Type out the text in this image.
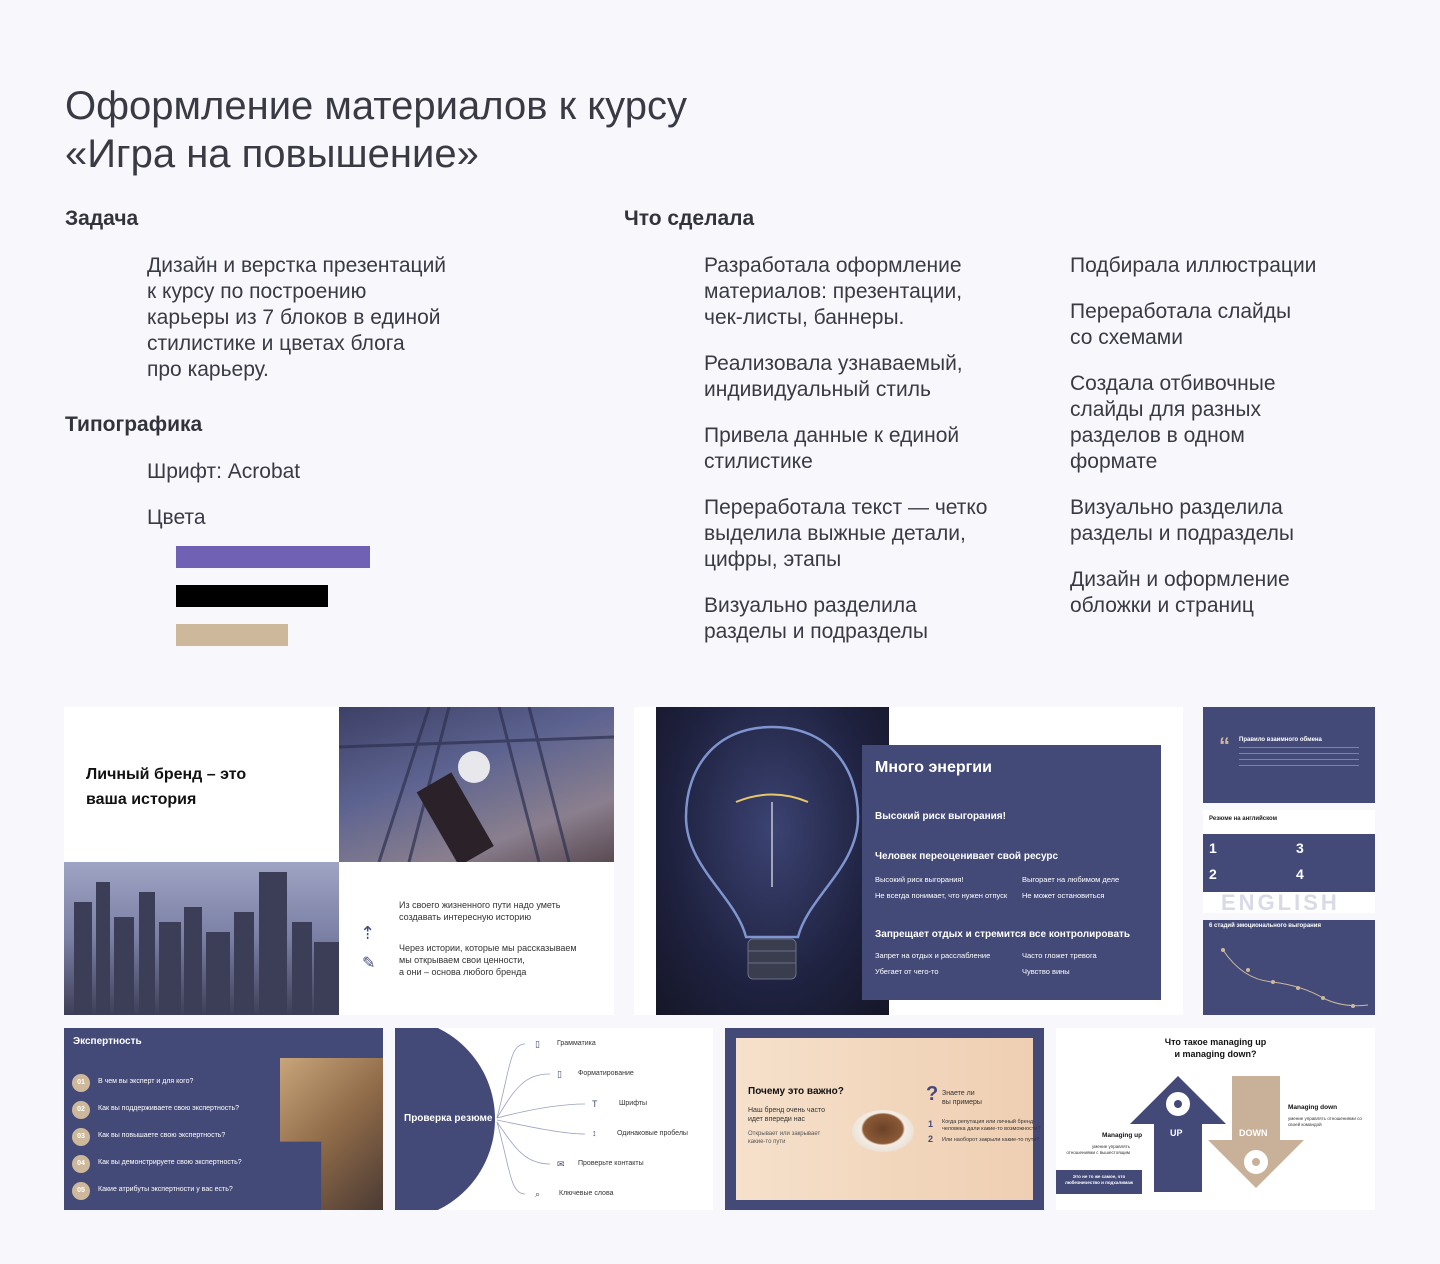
Оформление материалов к курсу
«Игра на повышение»
Задача
Дизайн и верстка презентаций
к курсу по построению
карьеры из 7 блоков в единой
стилистике и цветах блога
про карьеру.
Типографика
Шрифт: Acrobat
Цвета
Что сделала
Разработала оформление
материалов: презентации,
чек-листы, баннеры.
Реализовала узнаваемый,
индивидуальный стиль
Привела данные к единой
стилистике
Переработала текст — четко
выделила выжные детали,
цифры, этапы
Визуально разделила
разделы и подразделы
Подбирала иллюстрации
Переработала слайды
со схемами
Создала отбивочные
слайды для разных
разделов в одном
формате
Визуально разделила
разделы и подразделы
Дизайн и оформление
обложки и страниц
Личный бренд – это
ваша история
⇡
Из своего жизненного пути надо уметь
создавать интересную историю
✎
Через истории, которые мы рассказываем
мы открываем свои ценности,
а они – основа любого бренда
Много энергии
Высокий риск выгорания!
Человек переоценивает свой ресурс
Высокий риск выгорания!	Выгорает на любимом деле
Не всегда понимает, что нужен отпуск Не может остановиться
Запрещает отдых и стремится все контролировать
Запрет на отдых и расслабление	Часто гложет тревога
Убегает от чего-то	Чувство вины
“ Правило взаимного обмена
Резюме на английском
1
2
3
4
ENGLISH
6 стадий эмоционального выгорания
Экспертность
01	В чем вы эксперт и для кого?
02	Как вы поддерживаете свою экспертность?
03	Как вы повышаете свою экспертность?
04	Как вы демонстрируете свою экспертность?
05	Какие атрибуты экспертности у вас есть?
Проверка резюме
▯ Грамматика
▯ Форматирование
T	Шрифты
↕	Одинаковые пробелы
✉ Проверьте контакты
⌕	Ключевые слова
Почему это важно?
Наш бренд очень часто
идет впереди нас
Открывает или закрывает
какие-то пути
? Знаете ли
вы примеры
1 Когда репутация или личный бренд
человека дали какие-то возможности?
2 Или наоборот закрыли какие-то пути?
Что такое managing up
и managing down?
UP	DOWN
Managing up
умение управлять отношениями с вышестоящим
Managing down
умение управлять отношениями со своей командой
Это не то же самое, что
любезничество и подхалимаж
